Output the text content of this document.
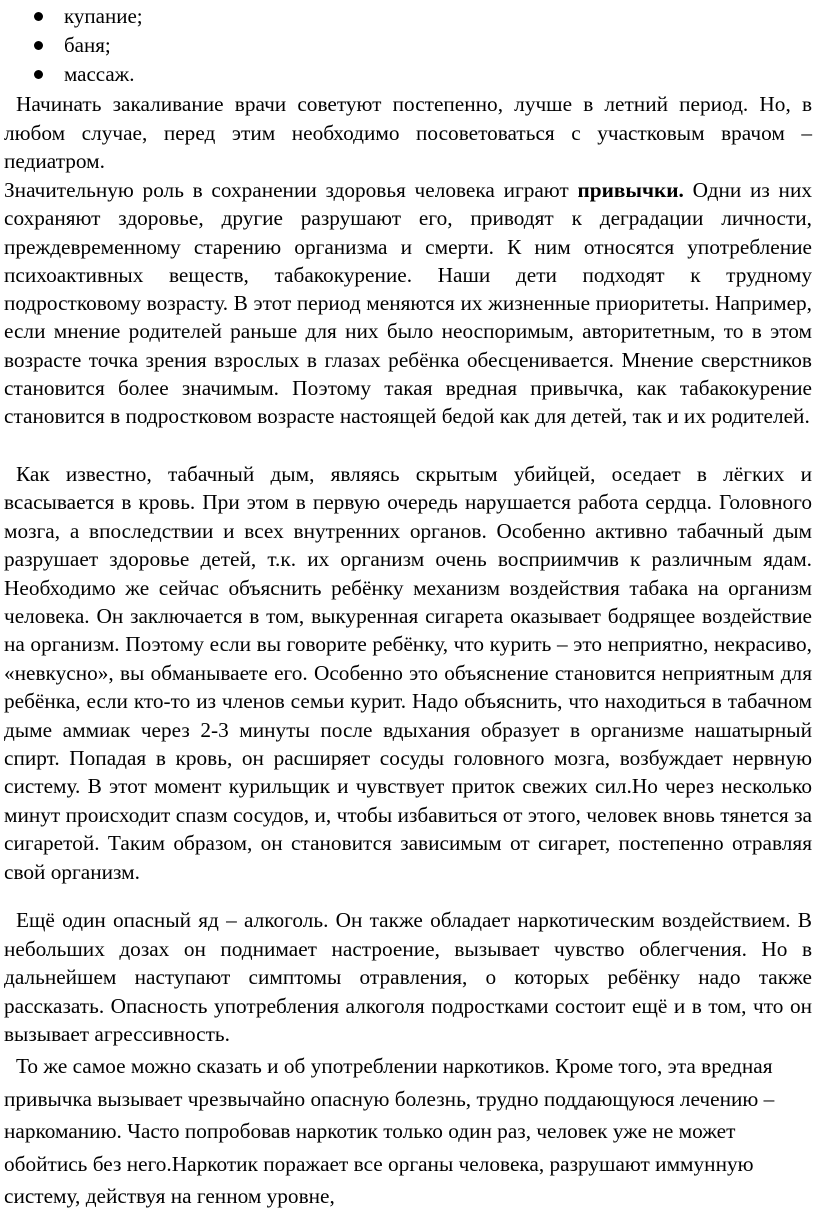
купание;
баня;
массаж.

Начинать закаливание врачи советуют постепенно, лучше в летний период. Но, в любом случае, перед этим необходимо посоветоваться с участковым врачом – педиатром.

Значительную роль в сохранении здоровья человека играют привычки. Одни из них сохраняют здоровье, другие разрушают его, приводят к деградации личности, преждевременному старению организма и смерти. К ним относятся употребление психоактивных веществ, табакокурение. Наши дети подходят к трудному подростковому возрасту. В этот период меняются их жизненные приоритеты. Например, если мнение родителей раньше для них было неоспоримым, авторитетным, то в этом возрасте точка зрения взрослых в глазах ребёнка обесценивается. Мнение сверстников становится более значимым. Поэтому такая вредная привычка, как табакокурение становится в подростковом возрасте настоящей бедой как для детей, так и их родителей.

Как известно, табачный дым, являясь скрытым убийцей, оседает в лёгких и всасывается в кровь. При этом в первую очередь нарушается работа сердца. Головного мозга, а впоследствии и всех внутренних органов. Особенно активно табачный дым разрушает здоровье детей, т.к. их организм очень восприимчив к различным ядам. Необходимо же сейчас объяснить ребёнку механизм воздействия табака на организм человека. Он заключается в том, выкуренная сигарета оказывает бодрящее воздействие на организм. Поэтому если вы говорите ребёнку, что курить – это неприятно, некрасиво, «невкусно», вы обманываете его. Особенно это объяснение становится неприятным для ребёнка, если кто-то из членов семьи курит. Надо объяснить, что находиться в табачном дыме аммиак через 2-3 минуты после вдыхания образует в организме нашатырный спирт. Попадая в кровь, он расширяет сосуды головного мозга, возбуждает нервную систему. В этот момент курильщик и чувствует приток свежих сил.Но через несколько минут происходит спазм сосудов, и, чтобы избавиться от этого, человек вновь тянется за сигаретой. Таким образом, он становится зависимым от сигарет, постепенно отравляя свой организм.

Ещё один опасный яд – алкоголь. Он также обладает наркотическим воздействием. В небольших дозах он поднимает настроение, вызывает чувство облегчения. Но в дальнейшем наступают симптомы отравления, о которых ребёнку надо также рассказать. Опасность употребления алкоголя подростками состоит ещё и в том, что он вызывает агрессивность.

То же самое можно сказать и об употреблении наркотиков. Кроме того, эта вредная привычка вызывает чрезвычайно опасную болезнь, трудно поддающуюся лечению – наркоманию. Часто попробовав наркотик только один раз, человек уже не может обойтись без него.Наркотик поражает все органы человека, разрушают иммунную систему, действуя на генном уровне,
